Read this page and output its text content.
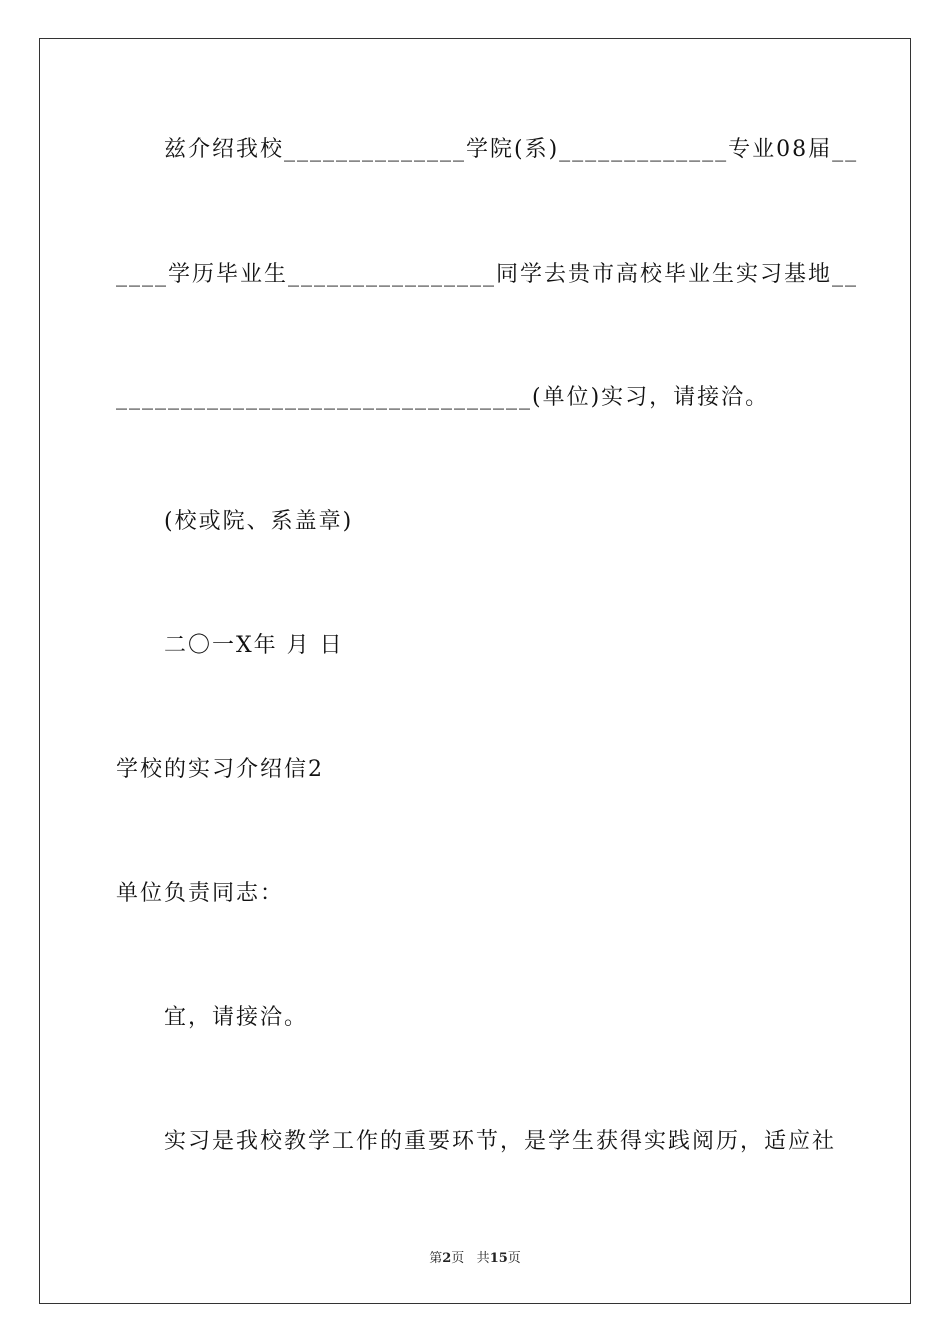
兹介绍我校______________学院(系)_____________专业08届__
____学历毕业生________________同学去贵市高校毕业生实习基地__
________________________________(单位)实习，请接洽。
(校或院、系盖章)
二〇一X年 月 日
学校的实习介绍信2
单位负责同志：
宜，请接洽。
实习是我校教学工作的重要环节，是学生获得实践阅历，适应社
第2页 共15页
